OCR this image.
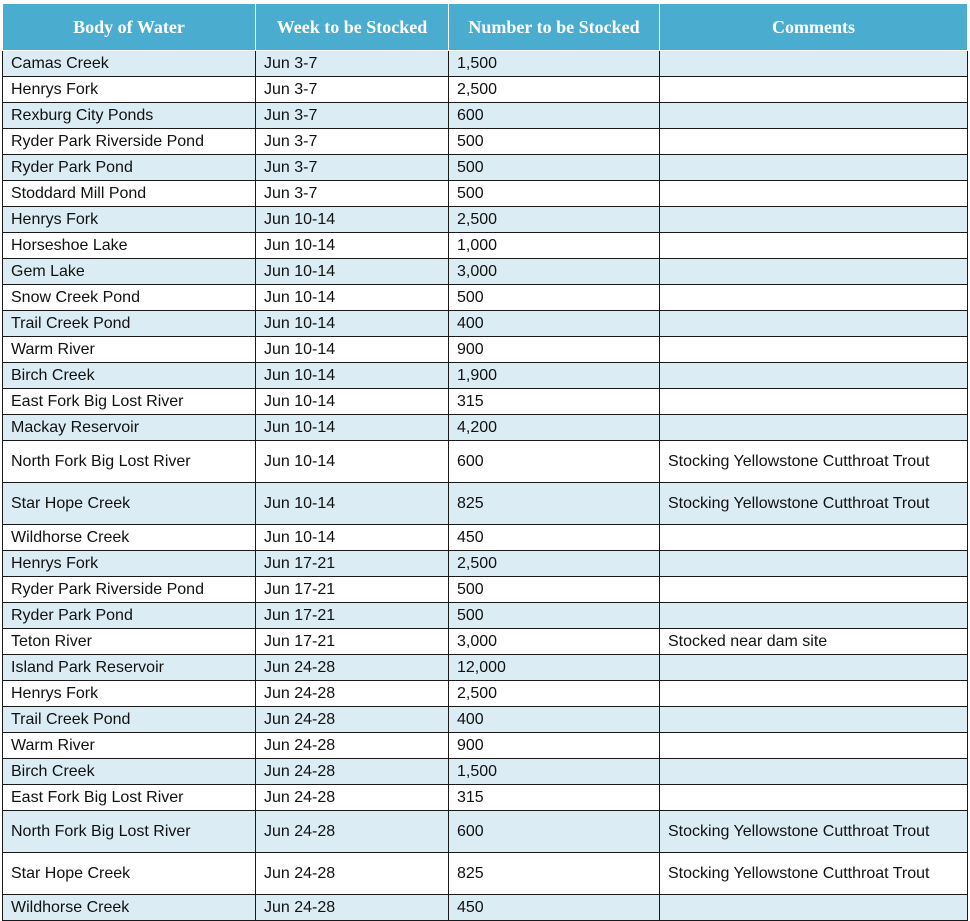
Body of Water	Week to be Stocked	Number to be Stocked	Comments
Camas Creek	Jun 3-7	1,500	
Henrys Fork	Jun 3-7	2,500	
Rexburg City Ponds	Jun 3-7	600	
Ryder Park Riverside Pond	Jun 3-7	500	
Ryder Park Pond	Jun 3-7	500	
Stoddard Mill Pond	Jun 3-7	500	
Henrys Fork	Jun 10-14	2,500	
Horseshoe Lake	Jun 10-14	1,000	
Gem Lake	Jun 10-14	3,000	
Snow Creek Pond	Jun 10-14	500	
Trail Creek Pond	Jun 10-14	400	
Warm River	Jun 10-14	900	
Birch Creek	Jun 10-14	1,900	
East Fork Big Lost River	Jun 10-14	315	
Mackay Reservoir	Jun 10-14	4,200	
North Fork Big Lost River	Jun 10-14	600	Stocking Yellowstone Cutthroat Trout
Star Hope Creek	Jun 10-14	825	Stocking Yellowstone Cutthroat Trout
Wildhorse Creek	Jun 10-14	450	
Henrys Fork	Jun 17-21	2,500	
Ryder Park Riverside Pond	Jun 17-21	500	
Ryder Park Pond	Jun 17-21	500	
Teton River	Jun 17-21	3,000	Stocked near dam site
Island Park Reservoir	Jun 24-28	12,000	
Henrys Fork	Jun 24-28	2,500	
Trail Creek Pond	Jun 24-28	400	
Warm River	Jun 24-28	900	
Birch Creek	Jun 24-28	1,500	
East Fork Big Lost River	Jun 24-28	315	
North Fork Big Lost River	Jun 24-28	600	Stocking Yellowstone Cutthroat Trout
Star Hope Creek	Jun 24-28	825	Stocking Yellowstone Cutthroat Trout
Wildhorse Creek	Jun 24-28	450	
